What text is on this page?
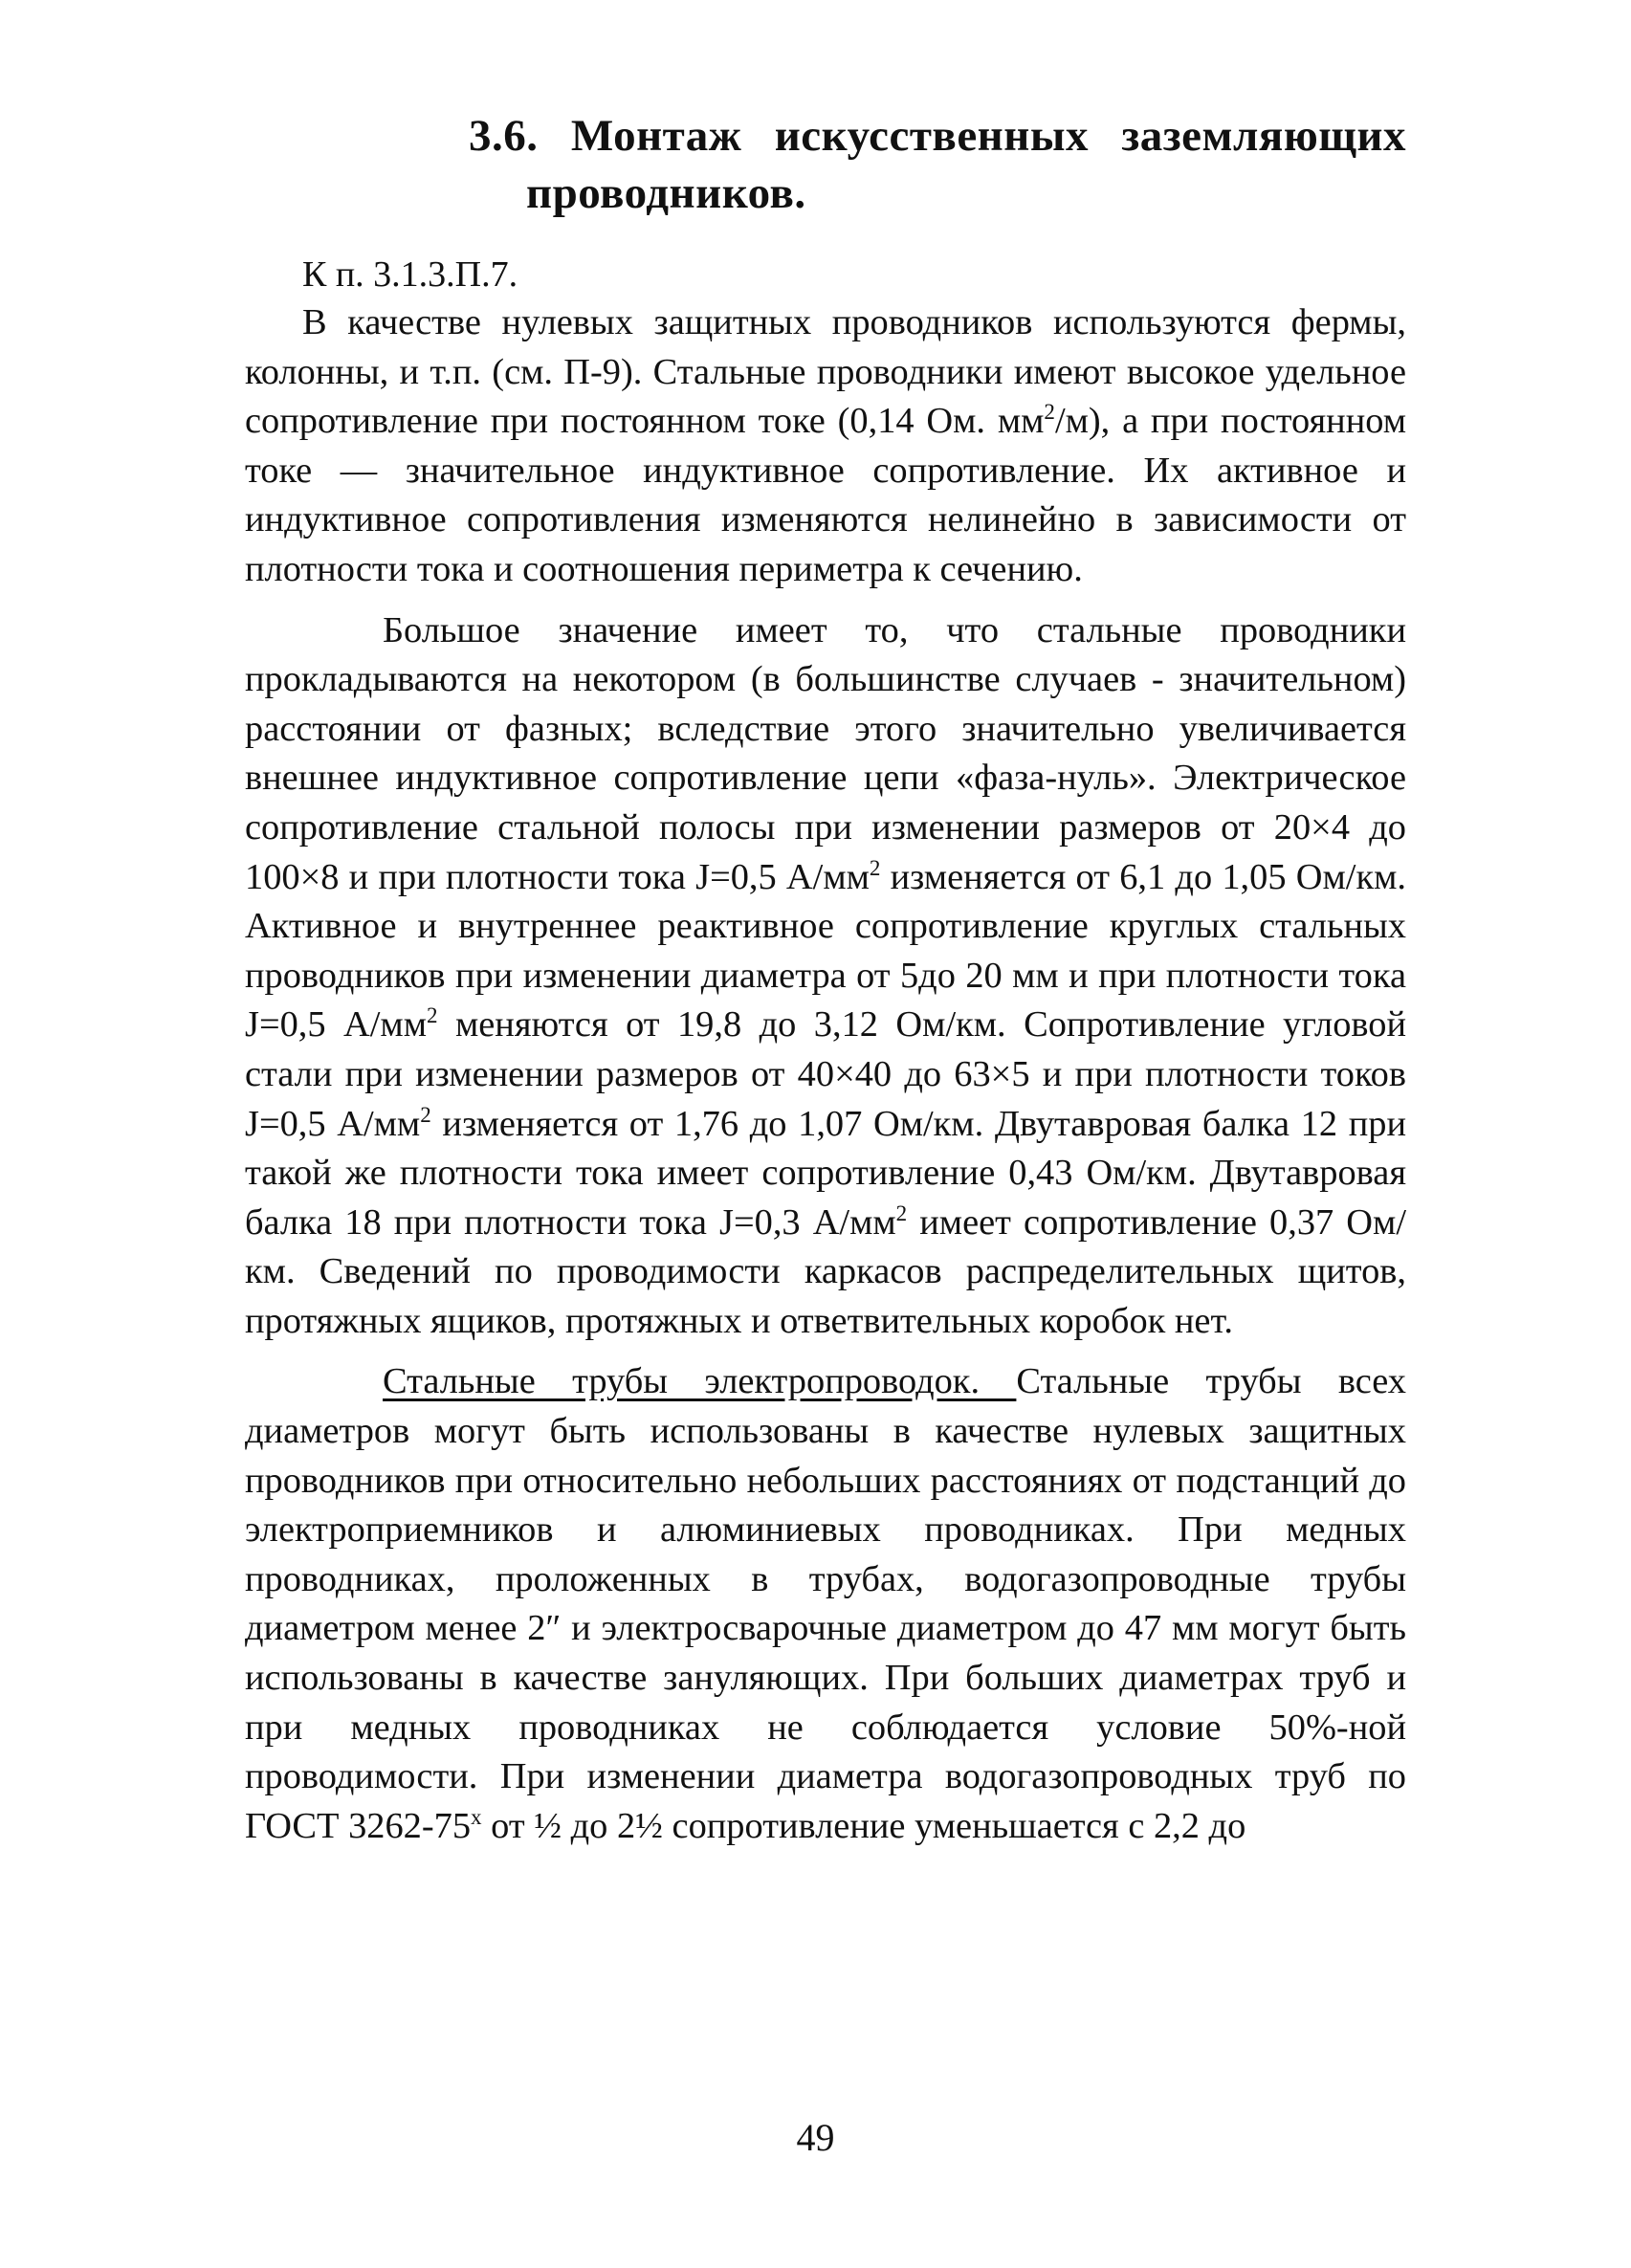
3.6. Монтаж искусственных заземляющих
проводников.
К п. 3.1.3.П.7.

В качестве нулевых защитных проводников используются фермы, колонны, и т.п. (см. П-9). Стальные проводники имеют высокое удельное сопротивление при постоянном токе (0,14 Ом. $мм^2/м$), а при постоянном токе — значительное индуктивное сопротивление. Их активное и индуктивное сопротивления изменяются нелинейно в зависимости от плотности тока и соотношения периметра к сечению.

Большое значение имеет то, что стальные проводники прокладываются на некотором (в большинстве случаев - значительном) расстоянии от фазных; вследствие этого значительно увеличивается внешнее индуктивное сопротивление цепи «фаза-нуль». Электрическое сопротивление стальной полосы при изменении размеров от 20×4 до 100×8 и при плотности тока J=0,5 $А/мм^2$ изменяется от 6,1 до 1,05 Ом/км. Активное и внутреннее реактивное сопротивление круглых стальных проводников при изменении диаметра от 5до 20 мм и при плотности тока J=0,5 $А/мм^2$ меняются от 19,8 до 3,12 Ом/км. Сопротивление угловой стали при изменении размеров от 40×40 до 63×5 и при плотности токов J=0,5 $А/мм^2$ изменяется от 1,76 до 1,07 Ом/км. Двутавровая балка 12 при такой же плотности тока имеет сопротивление 0,43 Ом/км. Двутавровая балка 18 при плотности тока J=0,3 $А/мм^2$ имеет сопротивление 0,37 Ом/км. Сведений по проводимости каркасов распределительных щитов, протяжных ящиков, протяжных и ответвительных коробок нет.

Стальные трубы электропроводок. Стальные трубы всех диаметров могут быть использованы в качестве нулевых защитных проводников при относительно небольших расстояниях от подстанций до электроприемников и алюминиевых проводниках. При медных проводниках, проложенных в трубах, водогазопроводные трубы диаметром менее 2″ и электросварочные диаметром до 47 мм могут быть использованы в качестве зануляющих. При больших диаметрах труб и при медных проводниках не соблюдается условие 50%-ной проводимости. При изменении диаметра водогазопроводных труб по ГОСТ 3262-75$^x$ от ½ до 2½ сопротивление уменьшается с 2,2 до

49
